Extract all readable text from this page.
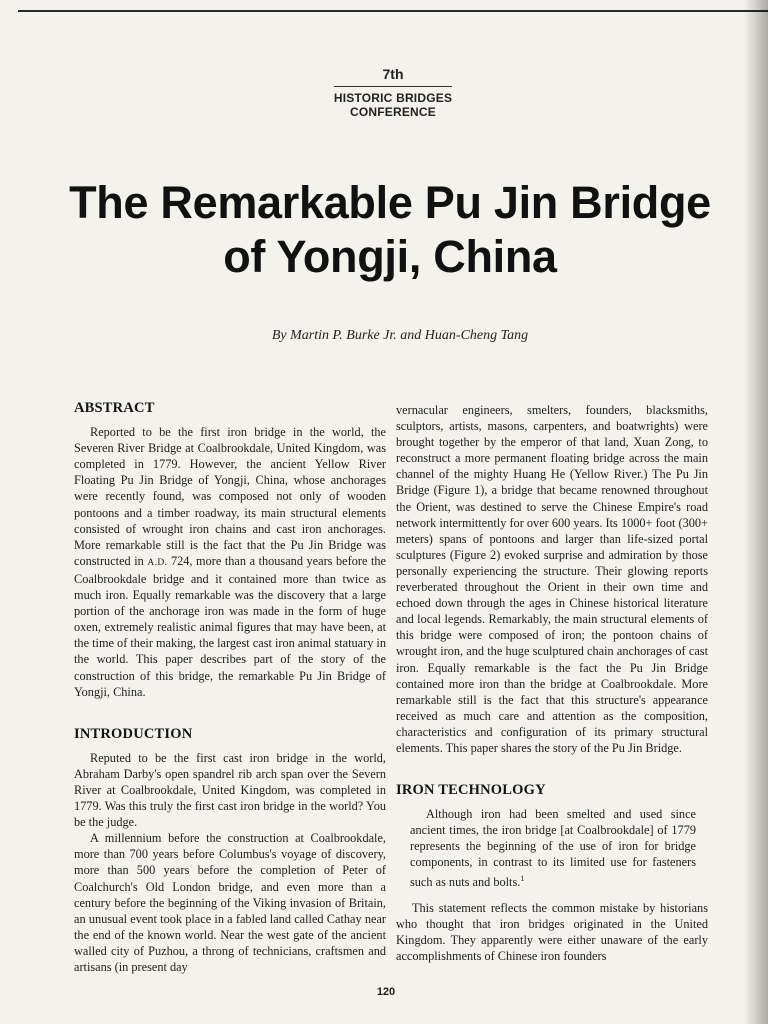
7th
HISTORIC BRIDGES
CONFERENCE
The Remarkable Pu Jin Bridge
of Yongji, China
By Martin P. Burke Jr. and Huan-Cheng Tang
ABSTRACT

Reported to be the first iron bridge in the world, the Severen River Bridge at Coalbrookdale, United Kingdom, was completed in 1779. However, the ancient Yellow River Floating Pu Jin Bridge of Yongji, China, whose anchorages were recently found, was composed not only of wooden pontoons and a timber roadway, its main structural elements consisted of wrought iron chains and cast iron anchorages. More remarkable still is the fact that the Pu Jin Bridge was constructed in A.D. 724, more than a thousand years before the Coalbrookdale bridge and it contained more than twice as much iron. Equally remarkable was the discovery that a large portion of the anchorage iron was made in the form of huge oxen, extremely realistic animal figures that may have been, at the time of their making, the largest cast iron animal statuary in the world. This paper describes part of the story of the construction of this bridge, the remarkable Pu Jin Bridge of Yongji, China.

INTRODUCTION

Reputed to be the first cast iron bridge in the world, Abraham Darby's open spandrel rib arch span over the Severn River at Coalbrookdale, United Kingdom, was completed in 1779. Was this truly the first cast iron bridge in the world? You be the judge.

A millennium before the construction at Coalbrookdale, more than 700 years before Columbus's voyage of discovery, more than 500 years before the completion of Peter of Coalchurch's Old London bridge, and even more than a century before the beginning of the Viking invasion of Britain, an unusual event took place in a fabled land called Cathay near the end of the known world. Near the west gate of the ancient walled city of Puzhou, a throng of technicians, craftsmen and artisans (in present day

vernacular engineers, smelters, founders, blacksmiths, sculptors, artists, masons, carpenters, and boatwrights) were brought together by the emperor of that land, Xuan Zong, to reconstruct a more permanent floating bridge across the main channel of the mighty Huang He (Yellow River.) The Pu Jin Bridge (Figure 1), a bridge that became renowned throughout the Orient, was destined to serve the Chinese Empire's road network intermittently for over 600 years. Its 1000+ foot (300+ meters) spans of pontoons and larger than life-sized portal sculptures (Figure 2) evoked surprise and admiration by those personally experiencing the structure. Their glowing reports reverberated throughout the Orient in their own time and echoed down through the ages in Chinese historical literature and local legends. Remarkably, the main structural elements of this bridge were composed of iron; the pontoon chains of wrought iron, and the huge sculptured chain anchorages of cast iron. Equally remarkable is the fact the Pu Jin Bridge contained more iron than the bridge at Coalbrookdale. More remarkable still is the fact that this structure's appearance received as much care and attention as the composition, characteristics and configuration of its primary structural elements. This paper shares the story of the Pu Jin Bridge.

IRON TECHNOLOGY

Although iron had been smelted and used since ancient times, the iron bridge [at Coalbrookdale] of 1779 represents the beginning of the use of iron for bridge components, in contrast to its limited use for fasteners such as nuts and bolts.$^1$

This statement reflects the common mistake by historians who thought that iron bridges originated in the United Kingdom. They apparently were either unaware of the early accomplishments of Chinese iron founders

120
